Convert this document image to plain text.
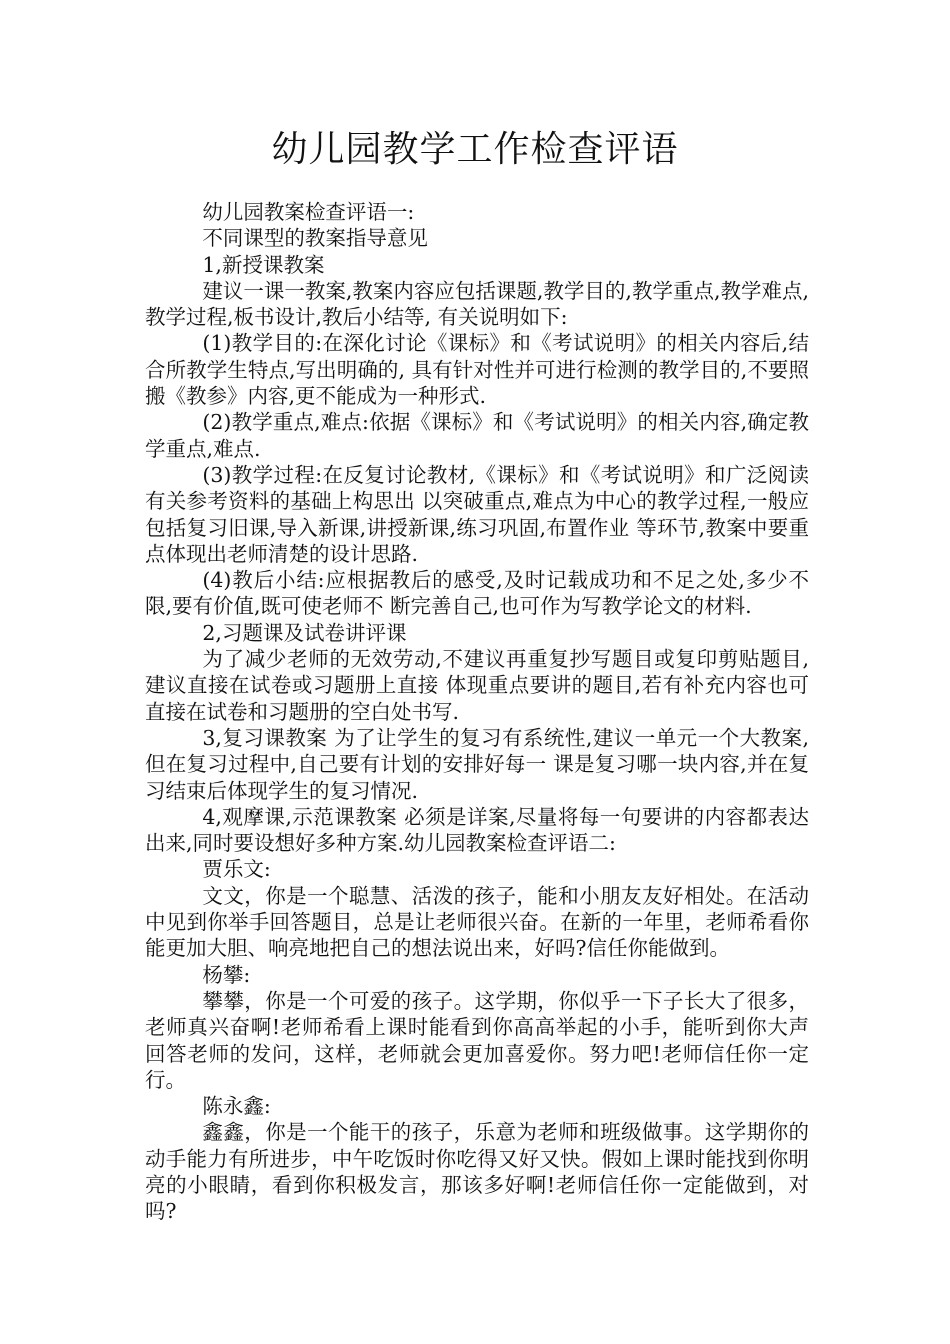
幼儿园教学工作检查评语

幼儿园教案检查评语一:

不同课型的教案指导意见

1,新授课教案

建议一课一教案,教案内容应包括课题,教学目的,教学重点,教学难点,教学过程,板书设计,教后小结等, 有关说明如下:

(1)教学目的:在深化讨论《课标》和《考试说明》的相关内容后,结合所教学生特点,写出明确的, 具有针对性并可进行检测的教学目的,不要照搬《教参》内容,更不能成为一种形式.

(2)教学重点,难点:依据《课标》和《考试说明》的相关内容,确定教学重点,难点.

(3)教学过程:在反复讨论教材,《课标》和《考试说明》和广泛阅读有关参考资料的基础上构思出 以突破重点,难点为中心的教学过程,一般应包括复习旧课,导入新课,讲授新课,练习巩固,布置作业 等环节,教案中要重点体现出老师清楚的设计思路.

(4)教后小结:应根据教后的感受,及时记载成功和不足之处,多少不限,要有价值,既可使老师不 断完善自己,也可作为写教学论文的材料.

2,习题课及试卷讲评课

为了减少老师的无效劳动,不建议再重复抄写题目或复印剪贴题目,建议直接在试卷或习题册上直接 体现重点要讲的题目,若有补充内容也可直接在试卷和习题册的空白处书写.

3,复习课教案 为了让学生的复习有系统性,建议一单元一个大教案,但在复习过程中,自己要有计划的安排好每一 课是复习哪一块内容,并在复习结束后体现学生的复习情况.

4,观摩课,示范课教案 必须是详案,尽量将每一句要讲的内容都表达出来,同时要设想好多种方案.幼儿园教案检查评语二:

贾乐文:

文文，你是一个聪慧、活泼的孩子，能和小朋友友好相处。在活动中见到你举手回答题目，总是让老师很兴奋。在新的一年里，老师希看你能更加大胆、响亮地把自己的想法说出来，好吗?信任你能做到。

杨攀:

攀攀，你是一个可爱的孩子。这学期，你似乎一下子长大了很多，老师真兴奋啊!老师希看上课时能看到你高高举起的小手，能听到你大声回答老师的发问，这样，老师就会更加喜爱你。努力吧!老师信任你一定行。

陈永鑫:

鑫鑫，你是一个能干的孩子，乐意为老师和班级做事。这学期你的动手能力有所进步，中午吃饭时你吃得又好又快。假如上课时能找到你明亮的小眼睛，看到你积极发言，那该多好啊!老师信任你一定能做到，对吗?
